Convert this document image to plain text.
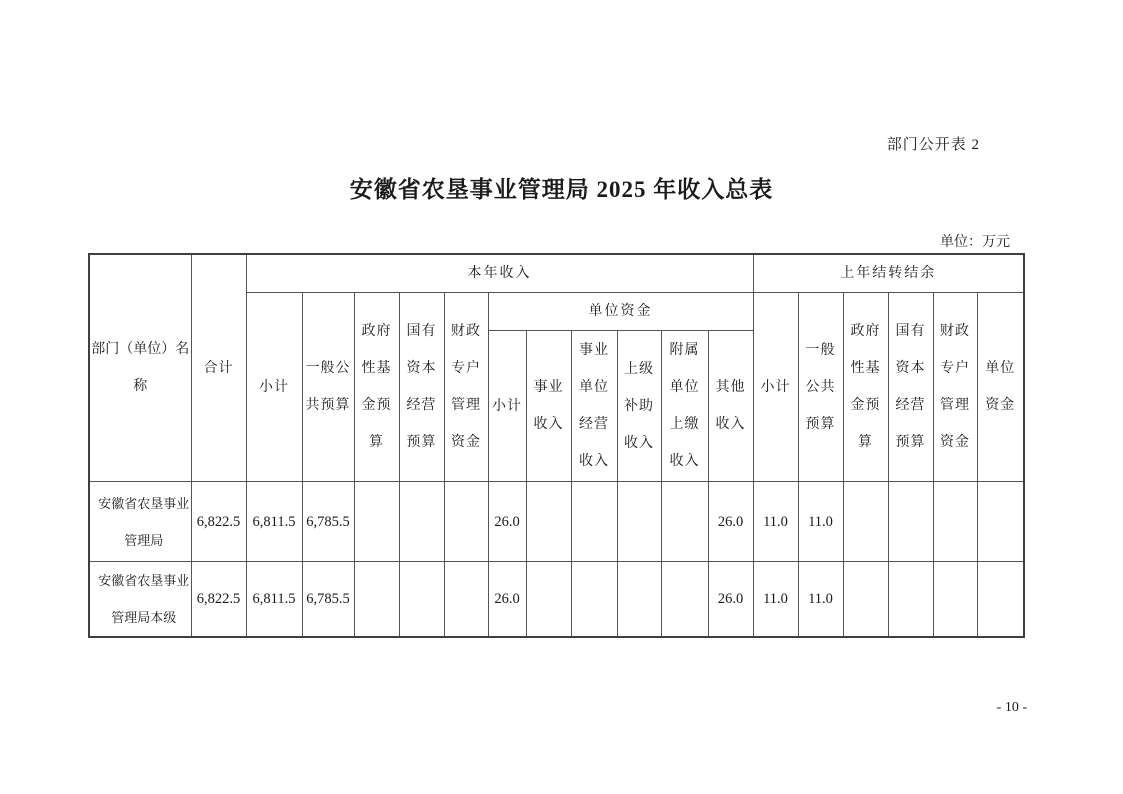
部门公开表 2
安徽省农垦事业管理局 2025 年收入总表
单位：万元
部门（单位）名称	合计	本年收入											上年结转结余					
		小计	一般公共预算	政府性基金预算	国有资本经营预算	财政专户管理资金	单位资金						小计	一般公共预算	政府性基金预算	国有资本经营预算	财政专户管理资金	单位资金
							小计	事业收入	事业单位经营收入	上级补助收入	附属单位上缴收入	其他收入						
安徽省农垦事业管理局	6,822.5	6,811.5	6,785.5				26.0					26.0	11.0	11.0				
安徽省农垦事业管理局本级	6,822.5	6,811.5	6,785.5				26.0					26.0	11.0	11.0				
- 10 -
